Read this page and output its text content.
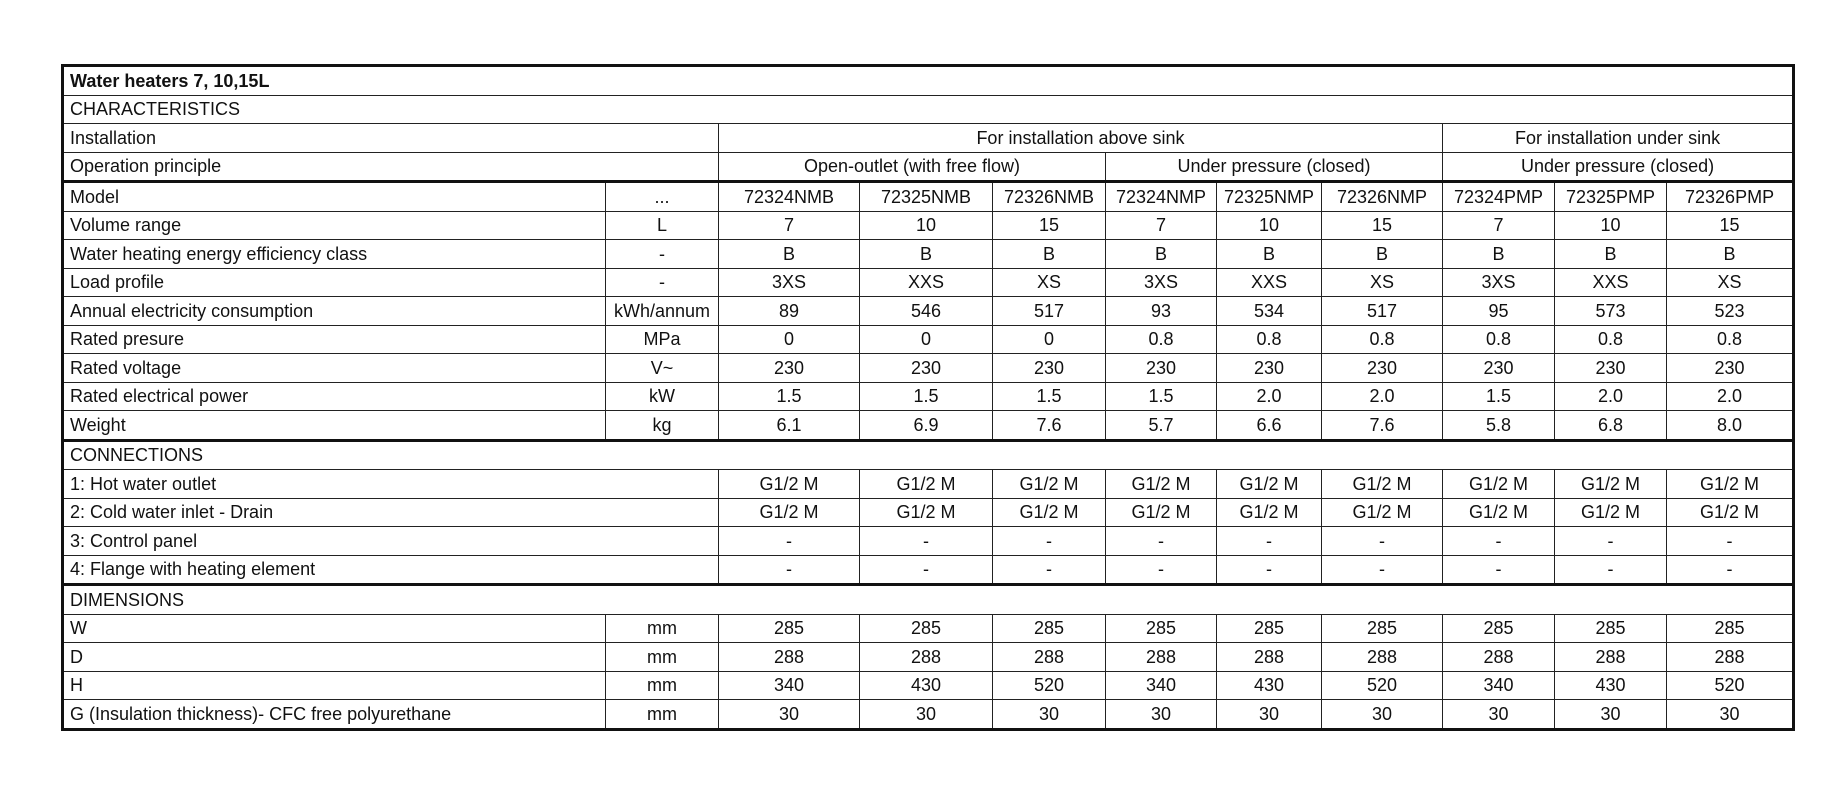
Water heaters 7, 10,15L										
CHARACTERISTICS										
Installation		For installation above sink						For installation under sink		
Operation principle		Open-outlet (with free flow)			Under pressure (closed)			Under pressure (closed)		
Model	...	72324NMB	72325NMB	72326NMB	72324NMP	72325NMP	72326NMP	72324PMP	72325PMP	72326PMP
Volume range	L	7	10	15	7	10	15	7	10	15
Water heating energy efficiency class	-	B	B	B	B	B	B	B	B	B
Load profile	-	3XS	XXS	XS	3XS	XXS	XS	3XS	XXS	XS
Annual electricity consumption	kWh/annum	89	546	517	93	534	517	95	573	523
Rated presure	MPa	0	0	0	0.8	0.8	0.8	0.8	0.8	0.8
Rated voltage	V~	230	230	230	230	230	230	230	230	230
Rated electrical power	kW	1.5	1.5	1.5	1.5	2.0	2.0	1.5	2.0	2.0
Weight	kg	6.1	6.9	7.6	5.7	6.6	7.6	5.8	6.8	8.0
CONNECTIONS										
1: Hot water outlet		G1/2 M	G1/2 M	G1/2 M	G1/2 M	G1/2 M	G1/2 M	G1/2 M	G1/2 M	G1/2 M
2: Cold water inlet - Drain		G1/2 M	G1/2 M	G1/2 M	G1/2 M	G1/2 M	G1/2 M	G1/2 M	G1/2 M	G1/2 M
3: Control panel		-	-	-	-	-	-	-	-	-
4: Flange with heating element		-	-	-	-	-	-	-	-	-
DIMENSIONS										
W	mm	285	285	285	285	285	285	285	285	285
D	mm	288	288	288	288	288	288	288	288	288
H	mm	340	430	520	340	430	520	340	430	520
G (Insulation thickness)- CFC free polyurethane	mm	30	30	30	30	30	30	30	30	30
